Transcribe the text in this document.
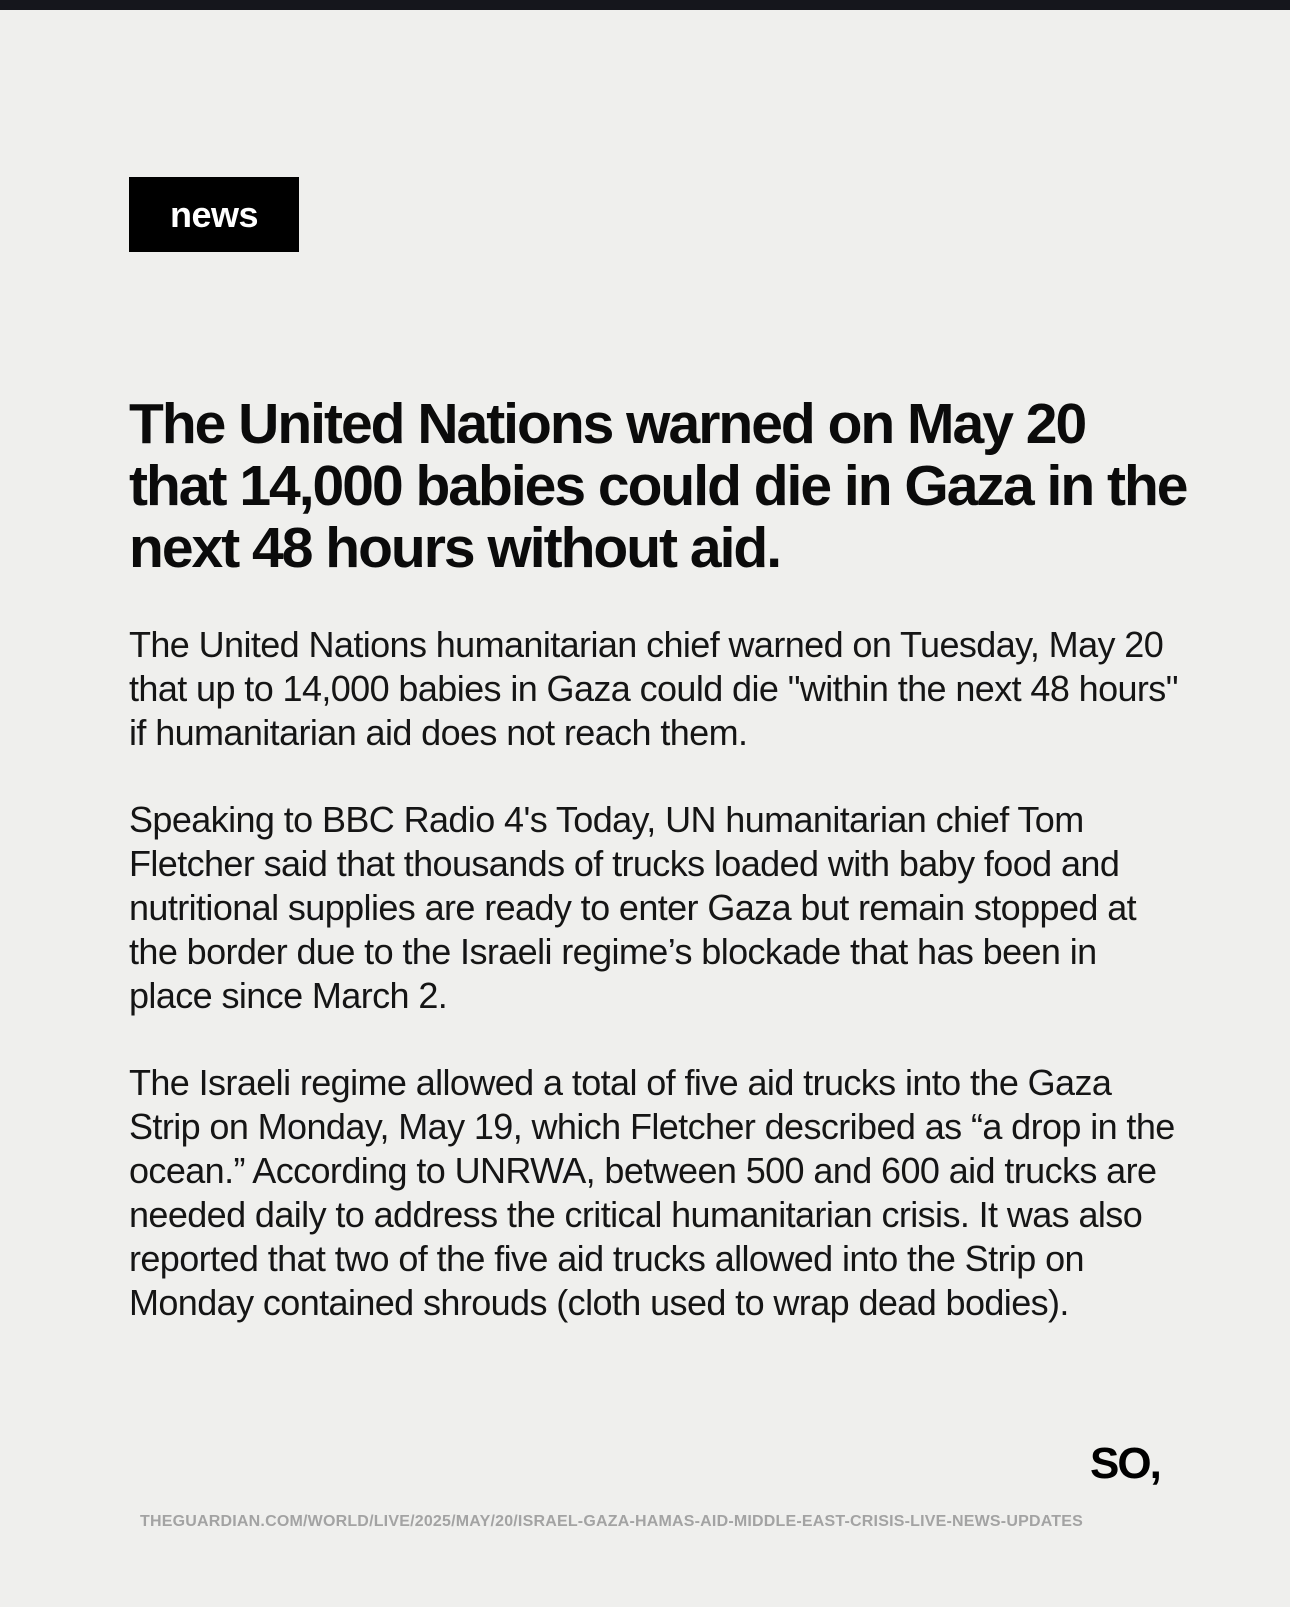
news
The United Nations warned on May 20 that 14,000 babies could die in Gaza in the next 48 hours without aid.

The United Nations humanitarian chief warned on Tuesday, May 20 that up to 14,000 babies in Gaza could die "within the next 48 hours" if humanitarian aid does not reach them.

Speaking to BBC Radio 4's Today, UN humanitarian chief Tom Fletcher said that thousands of trucks loaded with baby food and nutritional supplies are ready to enter Gaza but remain stopped at the border due to the Israeli regime’s blockade that has been in place since March 2.

The Israeli regime allowed a total of five aid trucks into the Gaza Strip on Monday, May 19, which Fletcher described as “a drop in the ocean.” According to UNRWA, between 500 and 600 aid trucks are needed daily to address the critical humanitarian crisis. It was also reported that two of the five aid trucks allowed into the Strip on Monday contained shrouds (cloth used to wrap dead bodies).

SO,
THEGUARDIAN.COM/WORLD/LIVE/2025/MAY/20/ISRAEL-GAZA-HAMAS-AID-MIDDLE-EAST-CRISIS-LIVE-NEWS-UPDATES
